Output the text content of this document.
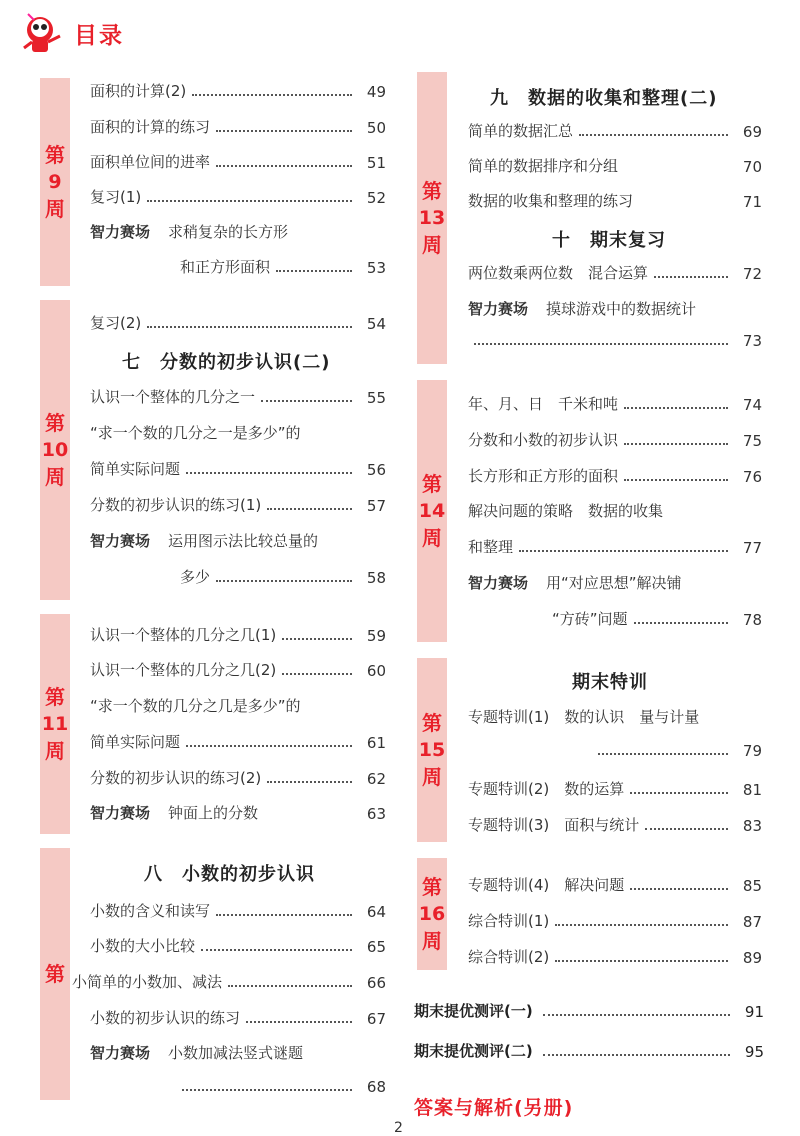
目录
第
9
周
第
10
周
第
11
周
第
第
13
周
第
14
周
第
15
周
第
16
周
面积的计算(2)	49
面积的计算的练习	50
面积单位间的进率	51
复习(1)	52
智力赛场 求稍复杂的长方形
和正方形面积	53
复习(2)	54
七　分数的初步认识(二)
认识一个整体的几分之一	55
“求一个数的几分之一是多少”的
简单实际问题	56
分数的初步认识的练习(1)	57
智力赛场 运用图示法比较总量的
多少	58
认识一个整体的几分之几(1)	59
认识一个整体的几分之几(2)	60
“求一个数的几分之几是多少”的
简单实际问题	61
分数的初步认识的练习(2)	62
智力赛场 钟面上的分数	63
八　小数的初步认识
小数的含义和读写	64
小数的大小比较	65
小简单的小数加、减法	66
小数的初步认识的练习	67
智力赛场 小数加减法竖式谜题
68
九　数据的收集和整理(二)
简单的数据汇总	69
简单的数据排序和分组	70
数据的收集和整理的练习	71
十　期末复习
两位数乘两位数　混合运算	72
智力赛场 摸球游戏中的数据统计
73
年、月、日　千米和吨	74
分数和小数的初步认识	75
长方形和正方形的面积	76
解决问题的策略　数据的收集
和整理	77
智力赛场 用“对应思想”解决铺
“方砖”问题	78
期末特训
专题特训(1)　数的认识　量与计量
79
专题特训(2)　数的运算	81
专题特训(3)　面积与统计	83
专题特训(4)　解决问题	85
综合特训(1)	87
综合特训(2)	89
期末提优测评(一)	91
期末提优测评(二)	95
答案与解析(另册)
2
